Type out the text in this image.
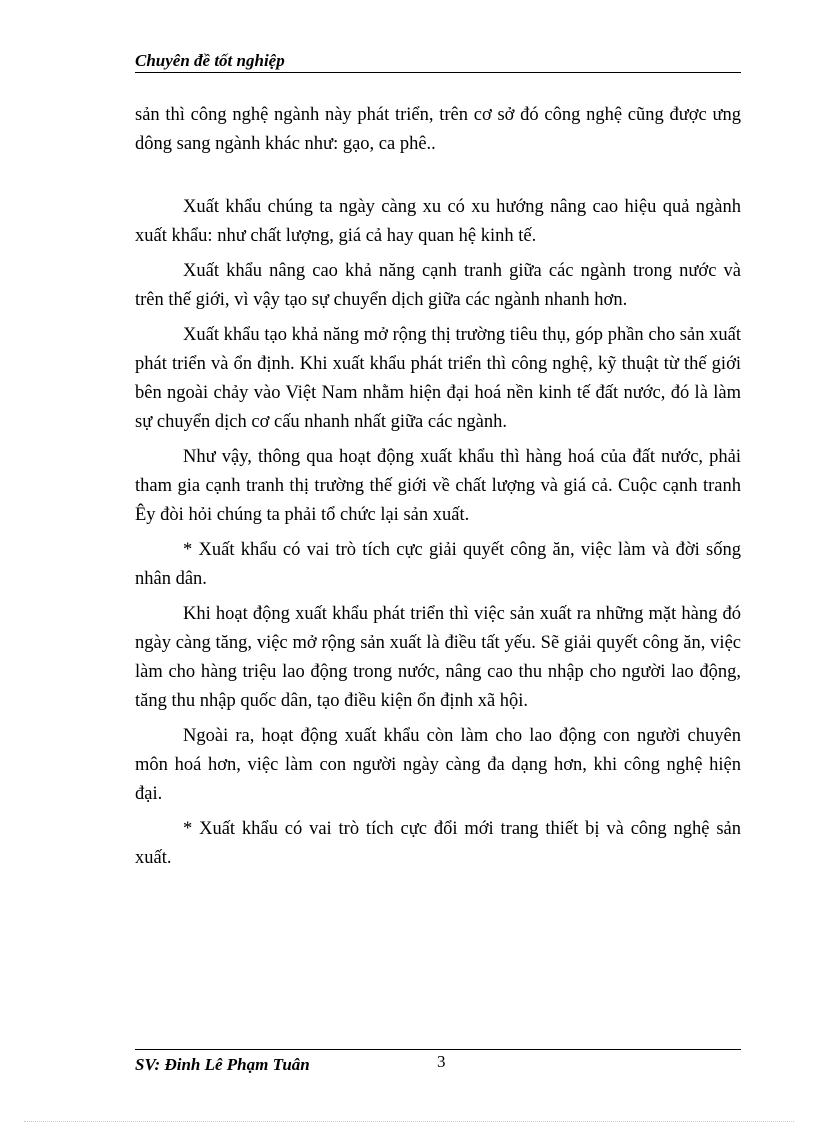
Chuyên đề tốt nghiệp

sản thì công nghệ ngành này phát triển, trên cơ sở đó công nghệ cũng được ưng dông sang ngành khác như: gạo, ca phê..

Xuất khẩu chúng ta ngày càng xu có xu hướng nâng cao hiệu quả ngành xuất khẩu: như chất lượng, giá cả hay quan hệ kinh tế.

Xuất khẩu nâng cao khả năng cạnh tranh giữa các ngành trong nước và trên thế giới, vì vậy tạo sự chuyển dịch giữa các ngành nhanh hơn.

Xuất khẩu tạo khả năng mở rộng thị trường tiêu thụ, góp phần cho sản xuất phát triển và ổn định. Khi xuất khẩu phát triển thì công nghệ, kỹ thuật từ thế giới bên ngoài chảy vào Việt Nam nhằm hiện đại hoá nền kinh tế đất nước, đó là làm sự chuyển dịch cơ cấu nhanh nhất giữa các ngành.

Như vậy, thông qua hoạt động xuất khẩu thì hàng hoá của đất nước, phải tham gia cạnh tranh thị trường thế giới về chất lượng và giá cả. Cuộc cạnh tranh Êy đòi hỏi chúng ta phải tổ chức lại sản xuất.

* Xuất khẩu có vai trò tích cực giải quyết công ăn, việc làm và đời sống nhân dân.

Khi hoạt động xuất khẩu phát triển thì việc sản xuất ra những mặt hàng đó ngày càng tăng, việc mở rộng sản xuất là điều tất yếu. Sẽ giải quyết công ăn, việc làm cho hàng triệu lao động trong nước, nâng cao thu nhập cho người lao động, tăng thu nhập quốc dân, tạo điều kiện ổn định xã hội.

Ngoài ra, hoạt động xuất khẩu còn làm cho lao động con người chuyên môn hoá hơn, việc làm con người ngày càng đa dạng hơn, khi công nghệ hiện đại.

* Xuất khẩu có vai trò tích cực đổi mới trang thiết bị và công nghệ sản xuất.

SV: Đinh Lê Phạm Tuân	3
